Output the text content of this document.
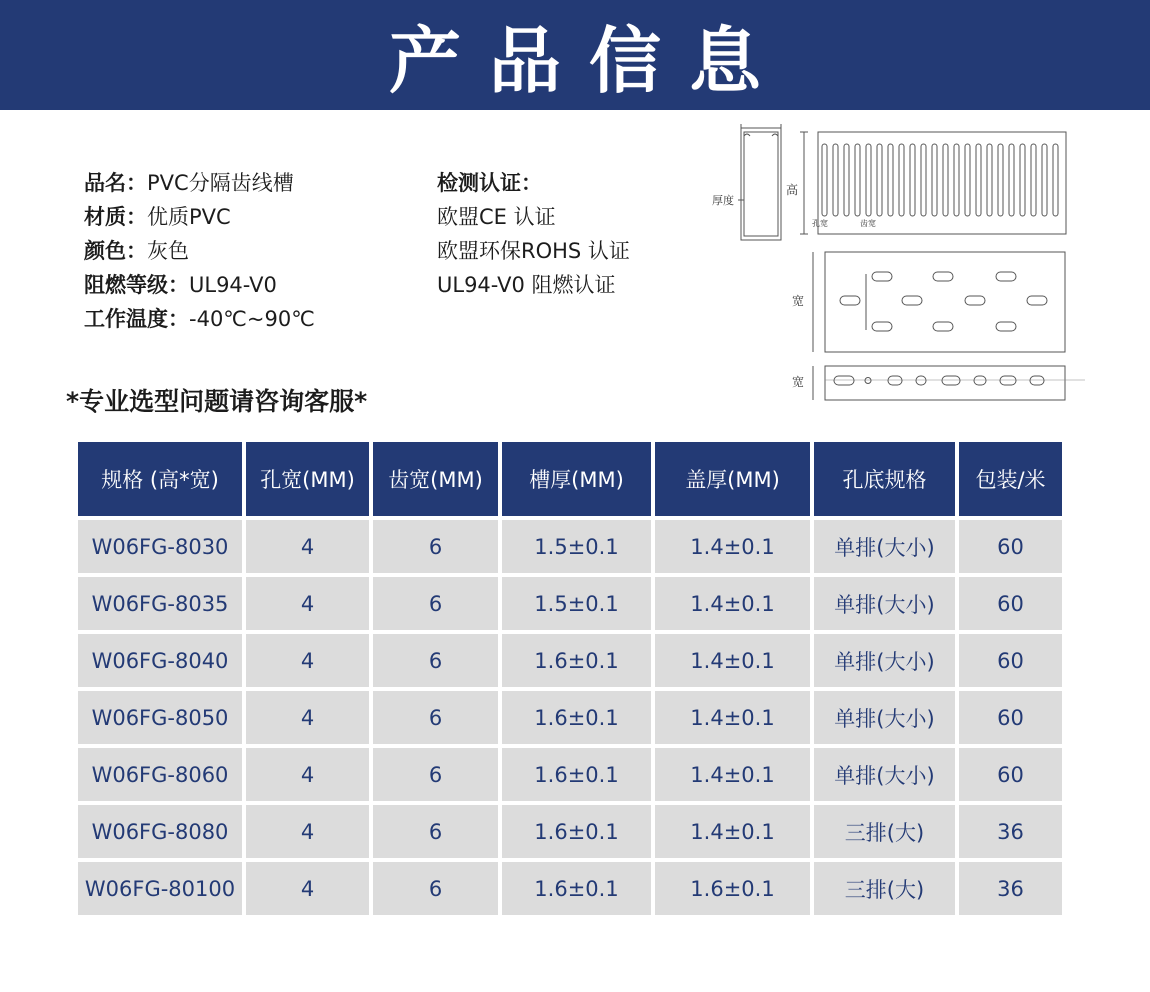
产品信息
品名：PVC分隔齿线槽
材质：优质PVC
颜色：灰色
阻燃等级：UL94-V0
工作温度：-40℃~90℃
检测认证：
欧盟CE 认证
欧盟环保ROHS 认证
UL94-V0 阻燃认证
*专业选型问题请咨询客服*
厚度
高
孔宽	齿宽
宽
宽
规格 (高*宽)	孔宽(MM)	齿宽(MM)	槽厚(MM)	盖厚(MM)	孔底规格	包装/米
W06FG-8030	4	6	1.5±0.1	1.4±0.1	单排(大小)	60
W06FG-8035	4	6	1.5±0.1	1.4±0.1	单排(大小)	60
W06FG-8040	4	6	1.6±0.1	1.4±0.1	单排(大小)	60
W06FG-8050	4	6	1.6±0.1	1.4±0.1	单排(大小)	60
W06FG-8060	4	6	1.6±0.1	1.4±0.1	单排(大小)	60
W06FG-8080	4	6	1.6±0.1	1.4±0.1	三排(大)	36
W06FG-80100	4	6	1.6±0.1	1.6±0.1	三排(大)	36
